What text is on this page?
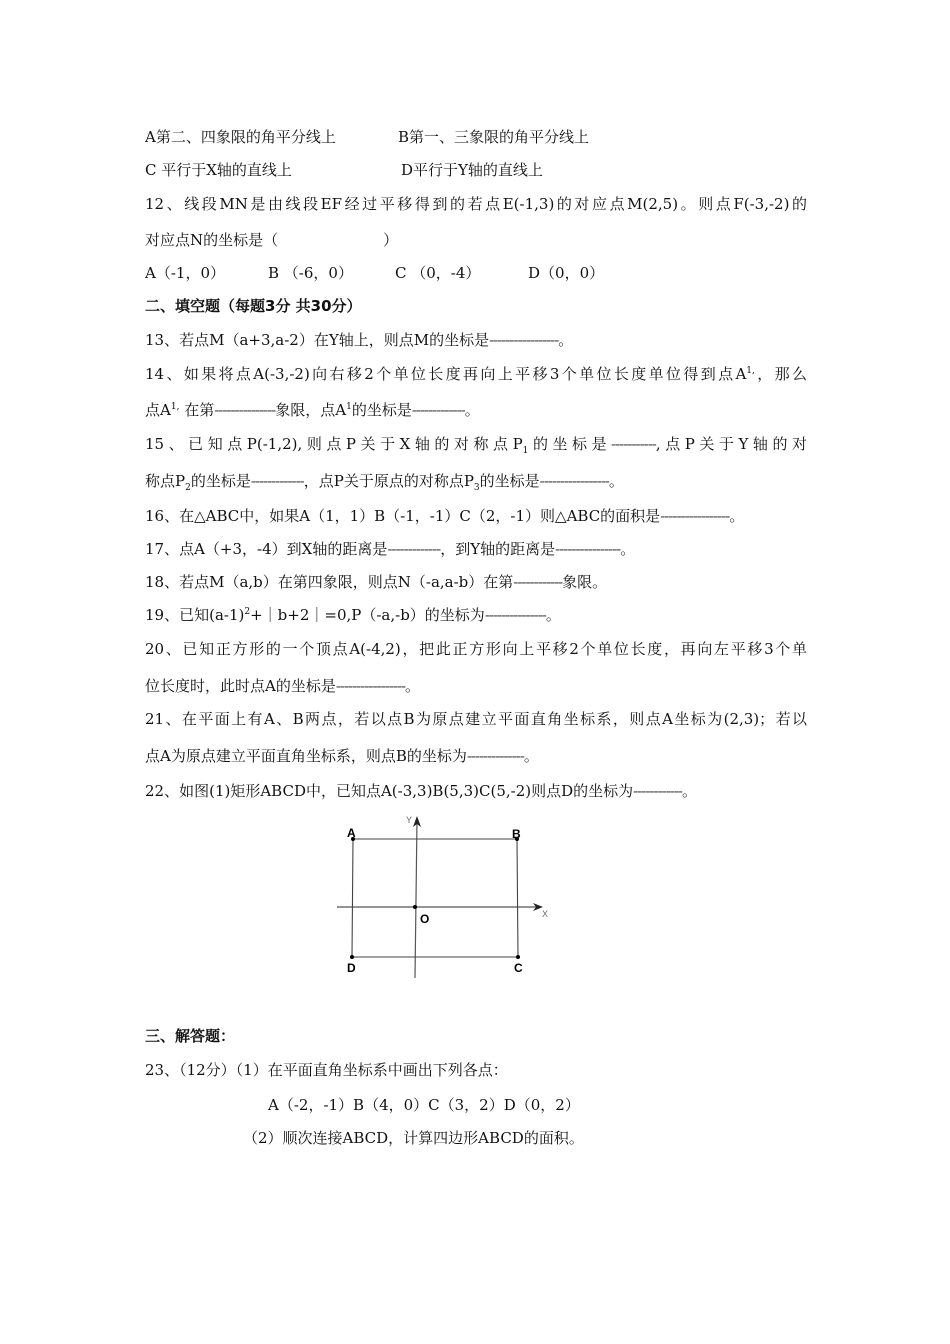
A第二、四象限的角平分线上	B第一、三象限的角平分线上
C 平行于X轴的直线上	D平行于Y轴的直线上
12、线段MN是由线段EF经过平移得到的若点E(-1,3)的对应点M(2,5)。则点F(-3,-2)的
对应点N的坐标是（　　　　　　　）
A（-1，0）	B （-6，0）	C （0，-4）	D（0，0）
二、填空题（每题3分 共30分）
13、若点M（a+3,a-2）在Y轴上，则点M的坐标是-----------------。
14、如果将点A(-3,-2)向右移2个单位长度再向上平移3个单位长度单位得到点$A^{1,}$，那么
点$A^{1,}$ 在第---------------象限，点$A^1$的坐标是-------------。
15、已知点P(-1,2),则点P关于X轴的对称点$P_1$的坐标是-----------,点P关于Y轴的对
称点$P_2$的坐标是-------------，点P关于原点的对称点$P_3$的坐标是-----------------。
16、在△ABC中，如果A（1，1）B（-1，-1）C（2，-1）则△ABC的面积是-----------------。
17、点A（+3，-4）到X轴的距离是-------------，到Y轴的距离是----------------。
18、若点M（a,b）在第四象限，则点N（-a,a-b）在第------------象限。
19、已知$(a-1)^2+|b+2|=0,P(-a,-b)$的坐标为---------------。
20、已知正方形的一个顶点A(-4,2)，把此正方形向上平移2个单位长度，再向左平移3个单
位长度时，此时点A的坐标是-----------------。
21、在平面上有A、B两点，若以点B为原点建立平面直角坐标系，则点A坐标为(2,3)；若以
点A为原点建立平面直角坐标系，则点B的坐标为--------------。
22、如图(1)矩形ABCD中，已知点A(-3,3)B(5,3)C(5,-2)则点D的坐标为------------。
A	B
C
D
O	X
Y
三、解答题：
23、（12分）（1）在平面直角坐标系中画出下列各点：
A（-2，-1）B（4，0）C（3，2）D（0，2）
（2）顺次连接ABCD，计算四边形ABCD的面积。
